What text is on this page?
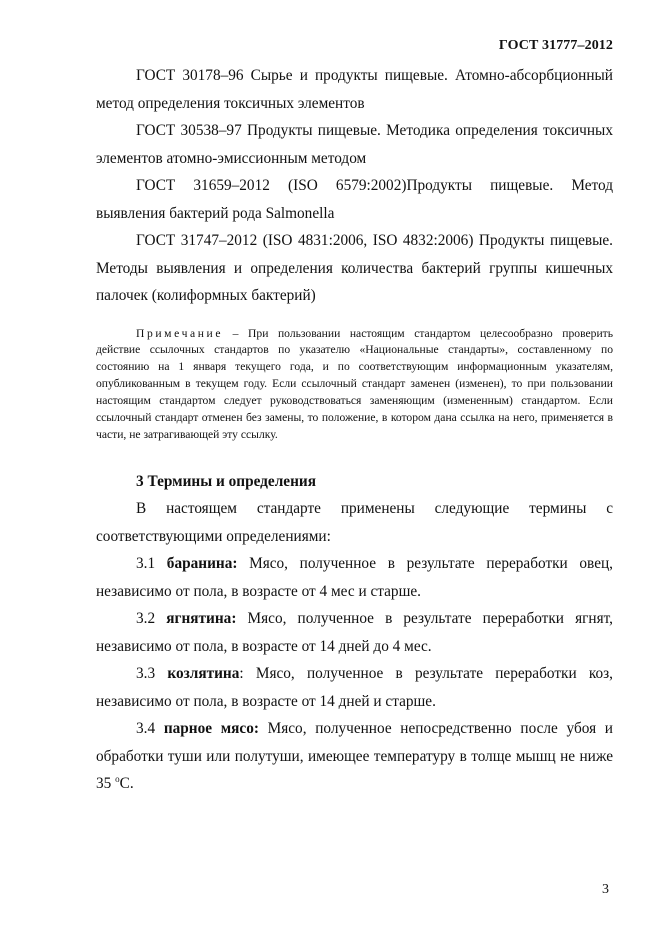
ГОСТ 31777–2012

ГОСТ 30178–96 Сырье и продукты пищевые. Атомно-абсорбционный метод определения токсичных элементов

ГОСТ 30538–97 Продукты пищевые. Методика определения токсичных элементов атомно-эмиссионным методом

ГОСТ 31659–2012 (ISO 6579:2002)Продукты пищевые. Метод выявления бактерий рода Salmonella

ГОСТ 31747–2012 (ISO 4831:2006, ISO 4832:2006) Продукты пищевые. Методы выявления и определения количества бактерий группы кишечных палочек (колиформных бактерий)

Примечание – При пользовании настоящим стандартом целесообразно проверить действие ссылочных стандартов по указателю «Национальные стандарты», составленному по состоянию на 1 января текущего года, и по соответствующим информационным указателям, опубликованным в текущем году. Если ссылочный стандарт заменен (изменен), то при пользовании настоящим стандартом следует руководствоваться заменяющим (измененным) стандартом. Если ссылочный стандарт отменен без замены, то положение, в котором дана ссылка на него, применяется в части, не затрагивающей эту ссылку.

3 Термины и определения

В настоящем стандарте применены следующие термины с соответствующими определениями:

3.1 баранина: Мясо, полученное в результате переработки овец, независимо от пола, в возрасте от 4 мес и старше.

3.2 ягнятина: Мясо, полученное в результате переработки ягнят, независимо от пола, в возрасте от 14 дней до 4 мес.

3.3 козлятина: Мясо, полученное в результате переработки коз, независимо от пола, в возрасте от 14 дней и старше.

3.4 парное мясо: Мясо, полученное непосредственно после убоя и обработки туши или полутуши, имеющее температуру в толще мышц не ниже 35 $^o$С.

3
